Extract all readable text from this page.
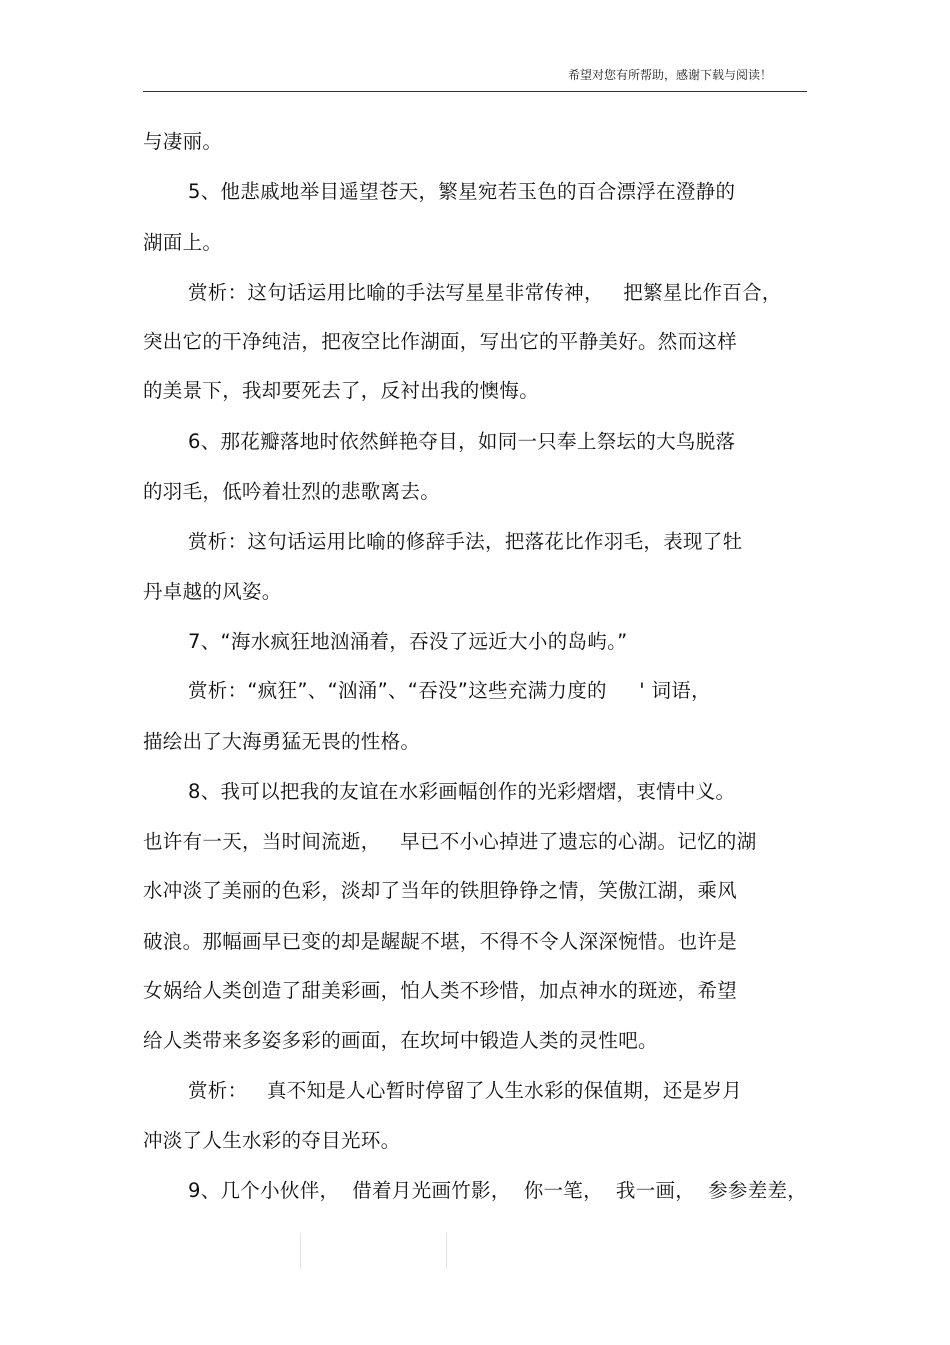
希望对您有所帮助，感谢下载与阅读！
与凄丽。
5、他悲戚地举目遥望苍天，繁星宛若玉色的百合漂浮在澄静的
湖面上。
赏析：这句话运用比喻的手法写星星非常传神，   把繁星比作百合，
突出它的干净纯洁，把夜空比作湖面，写出它的平静美好。然而这样
的美景下，我却要死去了，反衬出我的懊悔。
6、那花瓣落地时依然鲜艳夺目，如同一只奉上祭坛的大鸟脱落
的羽毛，低吟着壮烈的悲歌离去。
赏析：这句话运用比喻的修辞手法，把落花比作羽毛，表现了牡
丹卓越的风姿。
7、“海水疯狂地汹涌着，吞没了远近大小的岛屿。”
赏析：“疯狂”、“汹涌”、“吞没”这些充满力度的     ' 词语，
描绘出了大海勇猛无畏的性格。
8、我可以把我的友谊在水彩画幅创作的光彩熠熠，衷情中义。
也许有一天，当时间流逝，   早已不小心掉进了遗忘的心湖。记忆的湖
水冲淡了美丽的色彩，淡却了当年的铁胆铮铮之情，笑傲江湖，乘风
破浪。那幅画早已变的却是龌龊不堪，不得不令人深深惋惜。也许是
女娲给人类创造了甜美彩画，怕人类不珍惜，加点神水的斑迹，希望
给人类带来多姿多彩的画面，在坎坷中锻造人类的灵性吧。
赏析：   真不知是人心暂时停留了人生水彩的保值期，还是岁月
冲淡了人生水彩的夺目光环。
9、几个小伙伴，  借着月光画竹影，  你一笔，  我一画，  参参差差，
